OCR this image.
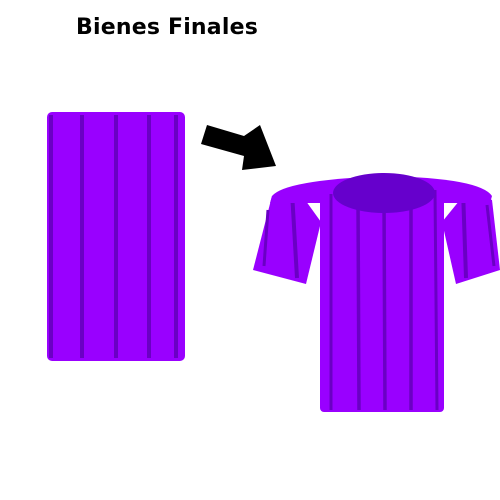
Bienes Finales
